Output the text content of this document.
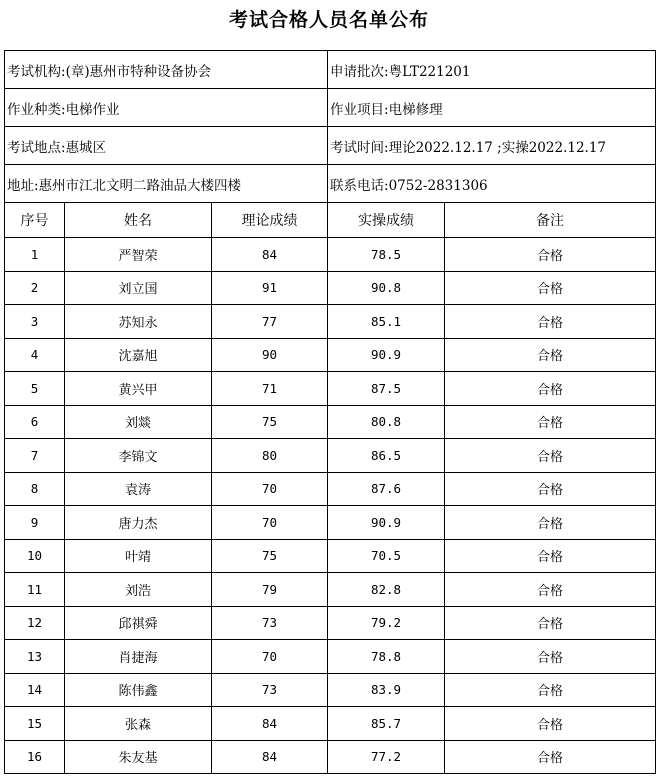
考试合格人员名单公布
考试机构:(章)惠州市特种设备协会			申请批次:粤LT221201	
作业种类:电梯作业			作业项目:电梯修理	
考试地点:惠城区			考试时间:理论2022.12.17 ;实操2022.12.17	
地址:惠州市江北文明二路油品大楼四楼			联系电话:0752-2831306	
序号	姓名	理论成绩	实操成绩	备注
1	严智荣	84	78.5	合格
2	刘立国	91	90.8	合格
3	苏知永	77	85.1	合格
4	沈嘉旭	90	90.9	合格
5	黄兴甲	71	87.5	合格
6	刘燚	75	80.8	合格
7	李锦文	80	86.5	合格
8	袁涛	70	87.6	合格
9	唐力杰	70	90.9	合格
10	叶靖	75	70.5	合格
11	刘浩	79	82.8	合格
12	邱祺舜	73	79.2	合格
13	肖捷海	70	78.8	合格
14	陈伟鑫	73	83.9	合格
15	张森	84	85.7	合格
16	朱友基	84	77.2	合格
